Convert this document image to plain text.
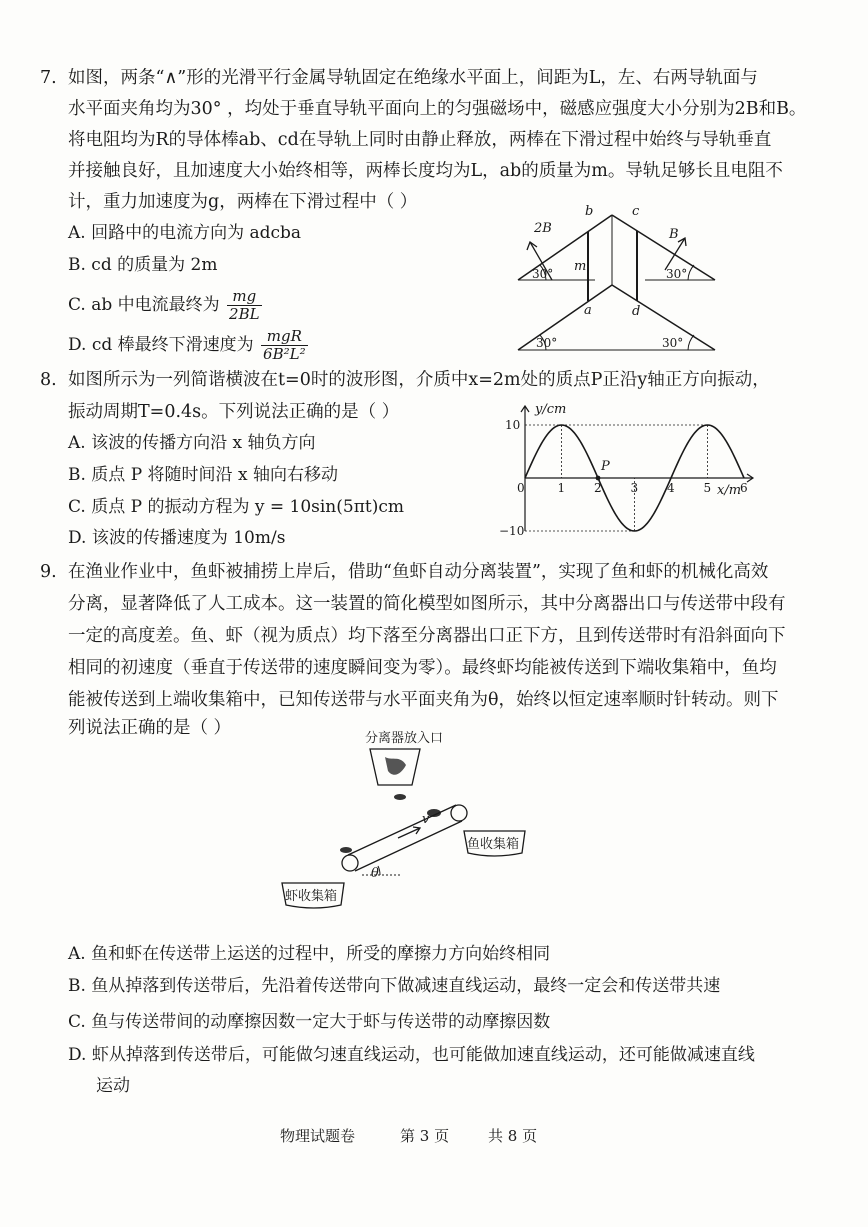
7. 如图，两条“∧”形的光滑平行金属导轨固定在绝缘水平面上，间距为L，左、右两导轨面与
水平面夹角均为30° ，均处于垂直导轨平面向上的匀强磁场中，磁感应强度大小分别为2B和B。
将电阻均为R的导体棒ab、cd在导轨上同时由静止释放，两棒在下滑过程中始终与导轨垂直
并接触良好，且加速度大小始终相等，两棒长度均为L，ab的质量为m。导轨足够长且电阻不
计，重力加速度为g，两棒在下滑过程中（ ）
A. 回路中的电流方向为 adcba
B. cd 的质量为 2m
C. ab 中电流最终为 $\frac{mg}{2BL}$
D. cd 棒最终下滑速度为 $\frac{\text{mgR}}{\text{6B²L²}}$
b	c
a	d
m
2B	B
30°	30°
30°	30°
8. 如图所示为一列简谐横波在t=0时的波形图，介质中x=2m处的质点P正沿y轴正方向振动，
振动周期T=0.4s。下列说法正确的是（ ）
A. 该波的传播方向沿 x 轴负方向
B. 质点 P 将随时间沿 x 轴向右移动
C. 质点 P 的振动方程为 y = 10sin(5πt)cm
D. 该波的传播速度为 10m/s
1 2 3 4 5 6
10
−10
y/cm
x/m
P
0
9. 在渔业作业中，鱼虾被捕捞上岸后，借助“鱼虾自动分离装置”，实现了鱼和虾的机械化高效
分离，显著降低了人工成本。这一装置的简化模型如图所示，其中分离器出口与传送带中段有
一定的高度差。鱼、虾（视为质点）均下落至分离器出口正下方，且到传送带时有沿斜面向下
相同的初速度（垂直于传送带的速度瞬间变为零）。最终虾均能被传送到下端收集箱中，鱼均
能被传送到上端收集箱中，已知传送带与水平面夹角为θ，始终以恒定速率顺时针转动。则下
列说法正确的是（ ）
分离器放入口
v
θ
鱼收集箱
虾收集箱
A. 鱼和虾在传送带上运送的过程中，所受的摩擦力方向始终相同
B. 鱼从掉落到传送带后，先沿着传送带向下做减速直线运动，最终一定会和传送带共速
C. 鱼与传送带间的动摩擦因数一定大于虾与传送带的动摩擦因数
D. 虾从掉落到传送带后，可能做匀速直线运动，也可能做加速直线运动，还可能做减速直线
运动
物理试题卷	第 3 页	共 8 页
